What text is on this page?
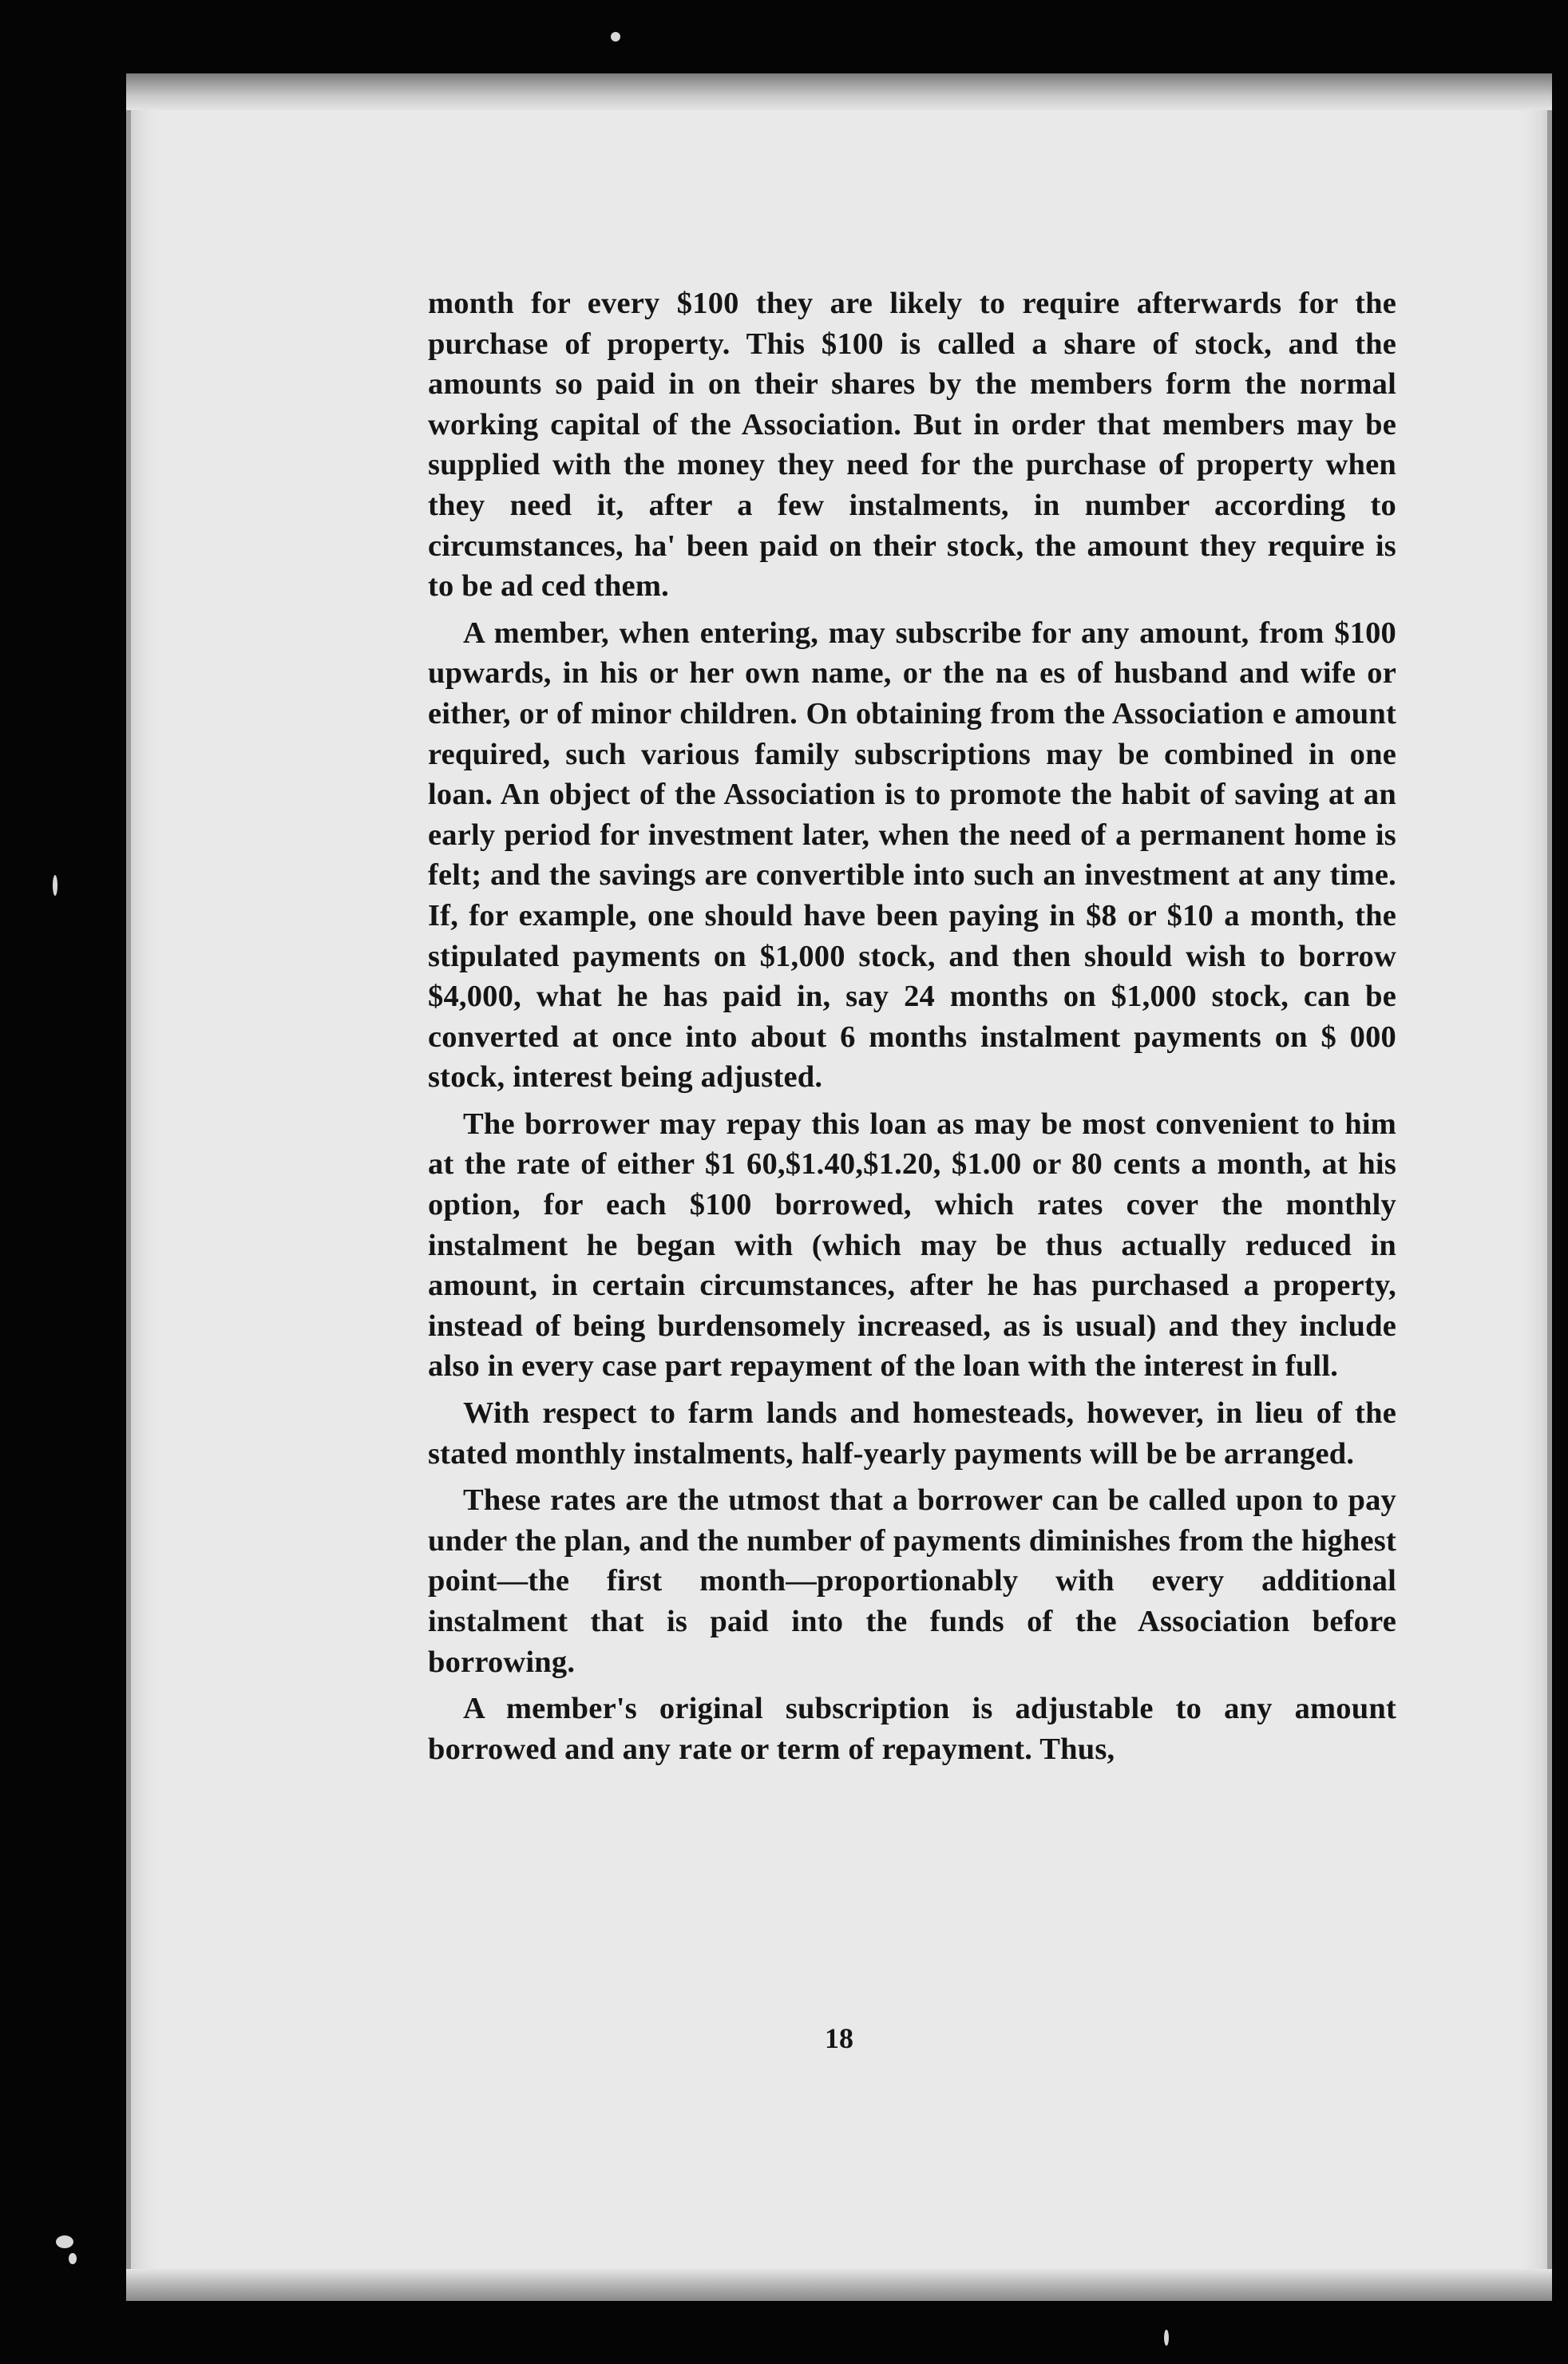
month for every $100 they are likely to require afterwards for the purchase of property. This $100 is called a share of stock, and the amounts so paid in on their shares by the members form the normal working capital of the Association. But in order that members may be supplied with the money they need for the purchase of property when they need it, after a few instalments, in number according to circumstances, ha' been paid on their stock, the amount they require is to be ad ced them.

A member, when entering, may subscribe for any amount, from $100 upwards, in his or her own name, or the na es of husband and wife or either, or of minor children. On obtaining from the Association e amount required, such various family subscriptions may be combined in one loan. An object of the Association is to promote the habit of saving at an early period for investment later, when the need of a permanent home is felt; and the savings are convertible into such an investment at any time. If, for example, one should have been paying in $8 or $10 a month, the stipulated payments on $1,000 stock, and then should wish to borrow $4,000, what he has paid in, say 24 months on $1,000 stock, can be converted at once into about 6 months instalment payments on $ 000 stock, interest being adjusted.

The borrower may repay this loan as may be most convenient to him at the rate of either $1 60,$1.40,$1.20, $1.00 or 80 cents a month, at his option, for each $100 borrowed, which rates cover the monthly instalment he began with (which may be thus actually reduced in amount, in certain circumstances, after he has purchased a property, instead of being burdensomely increased, as is usual) and they include also in every case part repayment of the loan with the interest in full.

With respect to farm lands and homesteads, however, in lieu of the stated monthly instalments, half-yearly payments will be be arranged.

These rates are the utmost that a borrower can be called upon to pay under the plan, and the number of payments diminishes from the highest point—the first month—proportionably with every additional instalment that is paid into the funds of the Association before borrowing.

A member's original subscription is adjustable to any amount borrowed and any rate or term of repayment. Thus,

18
